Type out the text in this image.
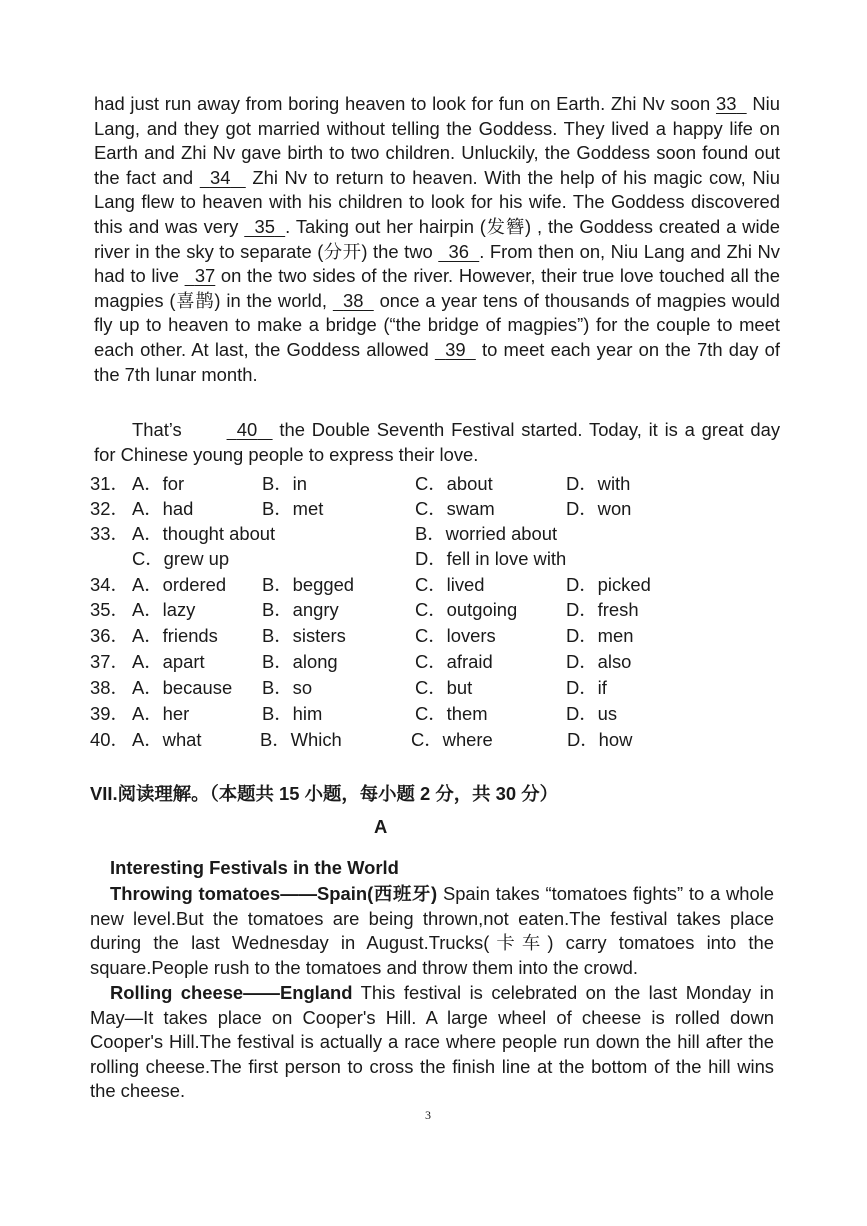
had just run away from boring heaven to look for fun on Earth. Zhi Nv soon 33   Niu Lang, and they got married without telling the Goddess. They lived a happy life on Earth and Zhi Nv gave birth to two children. Unluckily, the Goddess soon found out the fact and   34    Zhi Nv to return to heaven. With the help of his magic cow, Niu Lang flew to heaven with his children to look for his wife. The Goddess discovered this and was very   35 . Taking out her hairpin (发簪) , the Goddess created a wide river in the sky to separate (分开) the two   36 . From then on, Niu Lang and Zhi Nv had to live   37 on the two sides of the river. However, their true love touched all the magpies (喜鹊) in the world,   38   once a year tens of thousands of magpies would fly up to heaven to make a bridge (“the bridge of magpies”) for the couple to meet each other. At last, the Goddess allowed   39   to meet each year on the 7th day of the 7th lunar month.

That’s	40    the Double Seventh Festival started. Today, it is a great day for Chinese young people to express their love.

31． A．for	B．in	C．about	D．with
32． A．had	B．met	C．swam	D．won
33． A．thought about	B．worried about
C．grew up	D．fell in love with
34． A．ordered B．begged	C．lived	D．picked
35． A．lazy	B．angry	C．outgoing	D．fresh
36． A．friends B．sisters	C．lovers	D．men
37． A．apart	B．along	C．afraid	D．also
38． A．because B．so	C．but	D．if
39． A．her	B．him	C．them	D．us
40． A．what	B．Which	C．where	D．how
VII.阅读理解。（本题共 15 小题，每小题 2 分，共 30 分）
A
Interesting Festivals in the World

Throwing tomatoes——Spain(西班牙) Spain takes “tomatoes fights” to a whole new level.But the tomatoes are being thrown,not eaten.The festival takes place during the last Wednesday in August.Trucks(卡车) carry tomatoes into the square.People rush to the tomatoes and throw them into the crowd.

Rolling cheese——England This festival is celebrated on the last Monday in May—It takes place on Cooper's Hill. A large wheel of cheese is rolled down Cooper's Hill.The festival is actually a race where people run down the hill after the rolling cheese.The first person to cross the finish line at the bottom of the hill wins the cheese.

3
